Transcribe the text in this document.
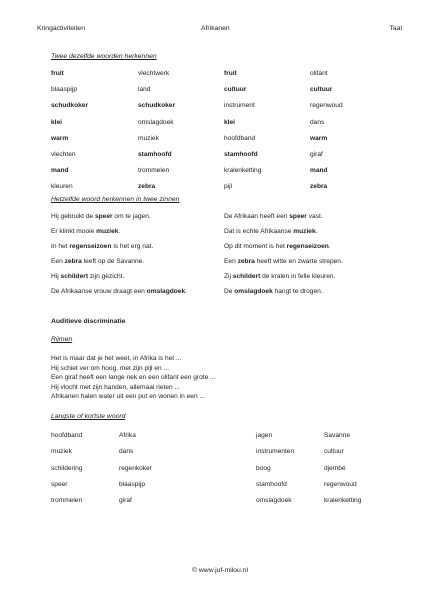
Kringactiviteiten	Afrikanen	Taal
Twee dezelfde woorden herkennen
fruit	vlechtwerk	fruit	olifant
blaaspijp	land	cultuur	cultuur
schudkoker	schudkoker	instrument	regenwoud
klei	omslagdoek	klei	dans
warm	muziek	hoofdband	warm
vlechten	stamhoofd	stamhoofd	giraf
mand	trommelen	kralenketting	mand
kleuren	zebra	pijl	zebra
Hetzelfde woord herkennen in twee zinnen
Hij gebruikt de speer om te jagen.	De Afrikaan heeft een speer vast.
Er klinkt mooie muziek.	Dat is echte Afrikaanse muziek.
In het regenseizoen is het erg nat.	Op dit moment is het regenseizoen.
Een zebra leeft op de Savanne.	Een zebra heeft witte en zwarte strepen.
Hij schildert zijn gezicht.	Zij schildert de kralen in felle kleuren.
De Afrikaanse vrouw draagt een omslagdoek.	De omslagdoek hangt te drogen.
Auditieve discriminatie
Rijmen
Het is maar dat je het weet, in Afrika is het ...
Hij schiet ver om hoog, met zijn pijl en ...
Een giraf heeft een lange nek en een olifant een grote ...
Hij vlocht met zijn handen, allemaal rieten ...
Afrikanen halen water uit een put en wonen in een ...
Langste of kortste woord
hoofdband	Afrika	jagen	Savanne
muziek	dans	instrumenten	cultuur
schildering	regenkoker	boog	djembé
speer	blaaspijp	stamhoofd	regenwoud
trommelen	giraf	omslagdoek	kralenketting
© www.juf-milou.nl
